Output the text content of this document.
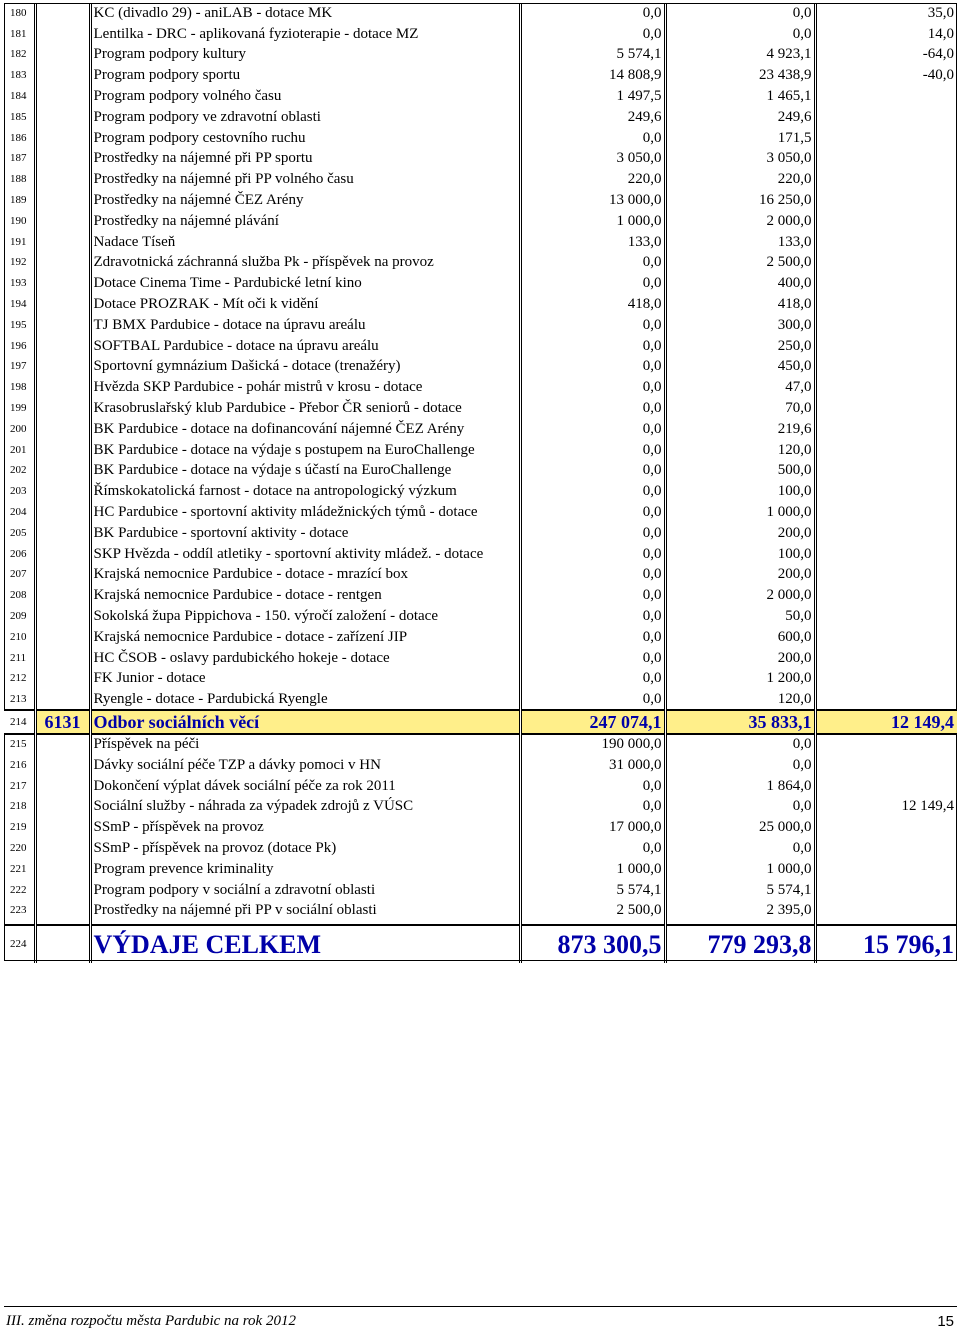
180		KC (divadlo 29) - aniLAB - dotace MK	0,0	0,0	35,0
181		Lentilka - DRC - aplikovaná fyzioterapie - dotace MZ	0,0	0,0	14,0
182		Program podpory kultury	5 574,1	4 923,1	-64,0
183		Program podpory sportu	14 808,9	23 438,9	-40,0
184		Program podpory volného času	1 497,5	1 465,1	
185		Program podpory ve zdravotní oblasti	249,6	249,6	
186		Program podpory cestovního ruchu	0,0	171,5	
187		Prostředky na nájemné při PP sportu	3 050,0	3 050,0	
188		Prostředky na nájemné při PP volného času	220,0	220,0	
189		Prostředky na nájemné ČEZ Arény	13 000,0	16 250,0	
190		Prostředky na nájemné plávání	1 000,0	2 000,0	
191		Nadace Tíseň	133,0	133,0	
192		Zdravotnická záchranná služba Pk - příspěvek na provoz	0,0	2 500,0	
193		Dotace Cinema Time - Pardubické letní kino	0,0	400,0	
194		Dotace PROZRAK - Mít oči k vidění	418,0	418,0	
195		TJ BMX Pardubice - dotace na úpravu areálu	0,0	300,0	
196		SOFTBAL Pardubice - dotace na úpravu areálu	0,0	250,0	
197		Sportovní gymnázium Dašická - dotace (trenažéry)	0,0	450,0	
198		Hvězda SKP Pardubice - pohár mistrů v krosu - dotace	0,0	47,0	
199		Krasobruslařský klub Pardubice - Přebor ČR seniorů - dotace	0,0	70,0	
200		BK Pardubice - dotace na dofinancování nájemné ČEZ Arény	0,0	219,6	
201		BK Pardubice - dotace na výdaje s postupem na EuroChallenge	0,0	120,0	
202		BK Pardubice - dotace na výdaje s účastí na EuroChallenge	0,0	500,0	
203		Římskokatolická farnost - dotace na antropologický výzkum	0,0	100,0	
204		HC Pardubice - sportovní aktivity mládežnických týmů - dotace	0,0	1 000,0	
205		BK Pardubice - sportovní aktivity - dotace	0,0	200,0	
206		SKP Hvězda - oddíl atletiky - sportovní aktivity mládež. - dotace	0,0	100,0	
207		Krajská nemocnice Pardubice - dotace - mrazící box	0,0	200,0	
208		Krajská nemocnice Pardubice - dotace - rentgen	0,0	2 000,0	
209		Sokolská župa Pippichova - 150. výročí založení - dotace	0,0	50,0	
210		Krajská nemocnice Pardubice - dotace - zařízení JIP	0,0	600,0	
211		HC ČSOB - oslavy pardubického hokeje - dotace	0,0	200,0	
212		FK Junior - dotace	0,0	1 200,0	
213		Ryengle - dotace - Pardubická Ryengle	0,0	120,0	
214	6131	Odbor sociálních věcí	247 074,1	35 833,1	12 149,4
215		Příspěvek na péči	190 000,0	0,0	
216		Dávky sociální péče TZP a dávky pomoci v HN	31 000,0	0,0	
217		Dokončení výplat dávek sociální péče za rok 2011	0,0	1 864,0	
218		Sociální služby - náhrada za výpadek zdrojů z VÚSC	0,0	0,0	12 149,4
219		SSmP - příspěvek na provoz	17 000,0	25 000,0	
220		SSmP - příspěvek na provoz (dotace Pk)	0,0	0,0	
221		Program prevence kriminality	1 000,0	1 000,0	
222		Program podpory v sociální a zdravotní oblasti	5 574,1	5 574,1	
223		Prostředky na nájemné při PP v sociální oblasti	2 500,0	2 395,0	

224		VÝDAJE CELKEM	873 300,5	779 293,8	15 796,1
III. změna rozpočtu města Pardubic na rok 2012	15
